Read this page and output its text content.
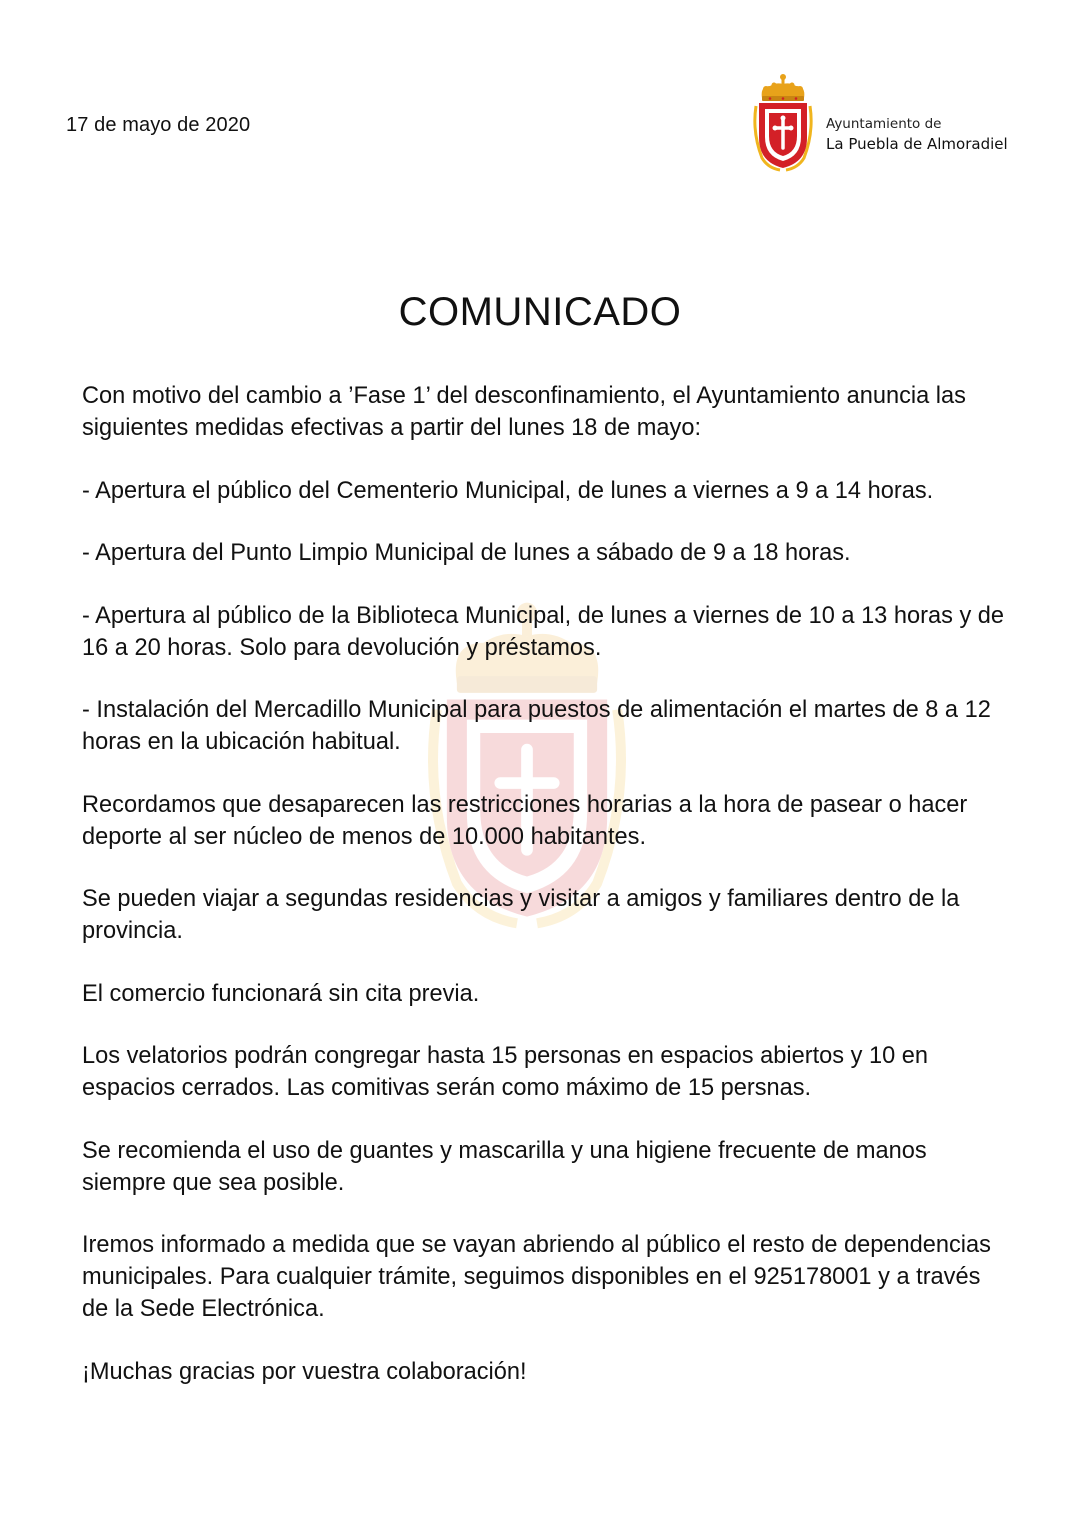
17 de mayo de 2020	Ayuntamiento de
La Puebla de Almoradiel
COMUNICADO

Con motivo del cambio a ’Fase 1’ del desconfinamiento, el Ayuntamiento anuncia las siguientes medidas efectivas a partir del lunes 18 de mayo:

- Apertura el público del Cementerio Municipal, de lunes a viernes a 9 a 14 horas.

- Apertura del Punto Limpio Municipal de lunes a sábado de 9 a 18 horas.

- Apertura al público de la Biblioteca Municipal, de lunes a viernes de 10 a 13 horas y de 16 a 20 horas. Solo para devolución y préstamos.

- Instalación del Mercadillo Municipal para puestos de alimentación el martes de 8 a 12 horas en la ubicación habitual.

Recordamos que desaparecen las restricciones horarias a la hora de pasear o hacer deporte al ser núcleo de menos de 10.000 habitantes.

Se pueden viajar a segundas residencias y visitar a amigos y familiares dentro de la provincia.

El comercio funcionará sin cita previa.

Los velatorios podrán congregar hasta 15 personas en espacios abiertos y 10 en espacios cerrados. Las comitivas serán como máximo de 15 persnas.

Se recomienda el uso de guantes y mascarilla y una higiene frecuente de manos siempre que sea posible.

Iremos informado a medida que se vayan abriendo al público el resto de dependencias municipales. Para cualquier trámite, seguimos disponibles en el 925178001 y a través de la Sede Electrónica.

¡Muchas gracias por vuestra colaboración!
